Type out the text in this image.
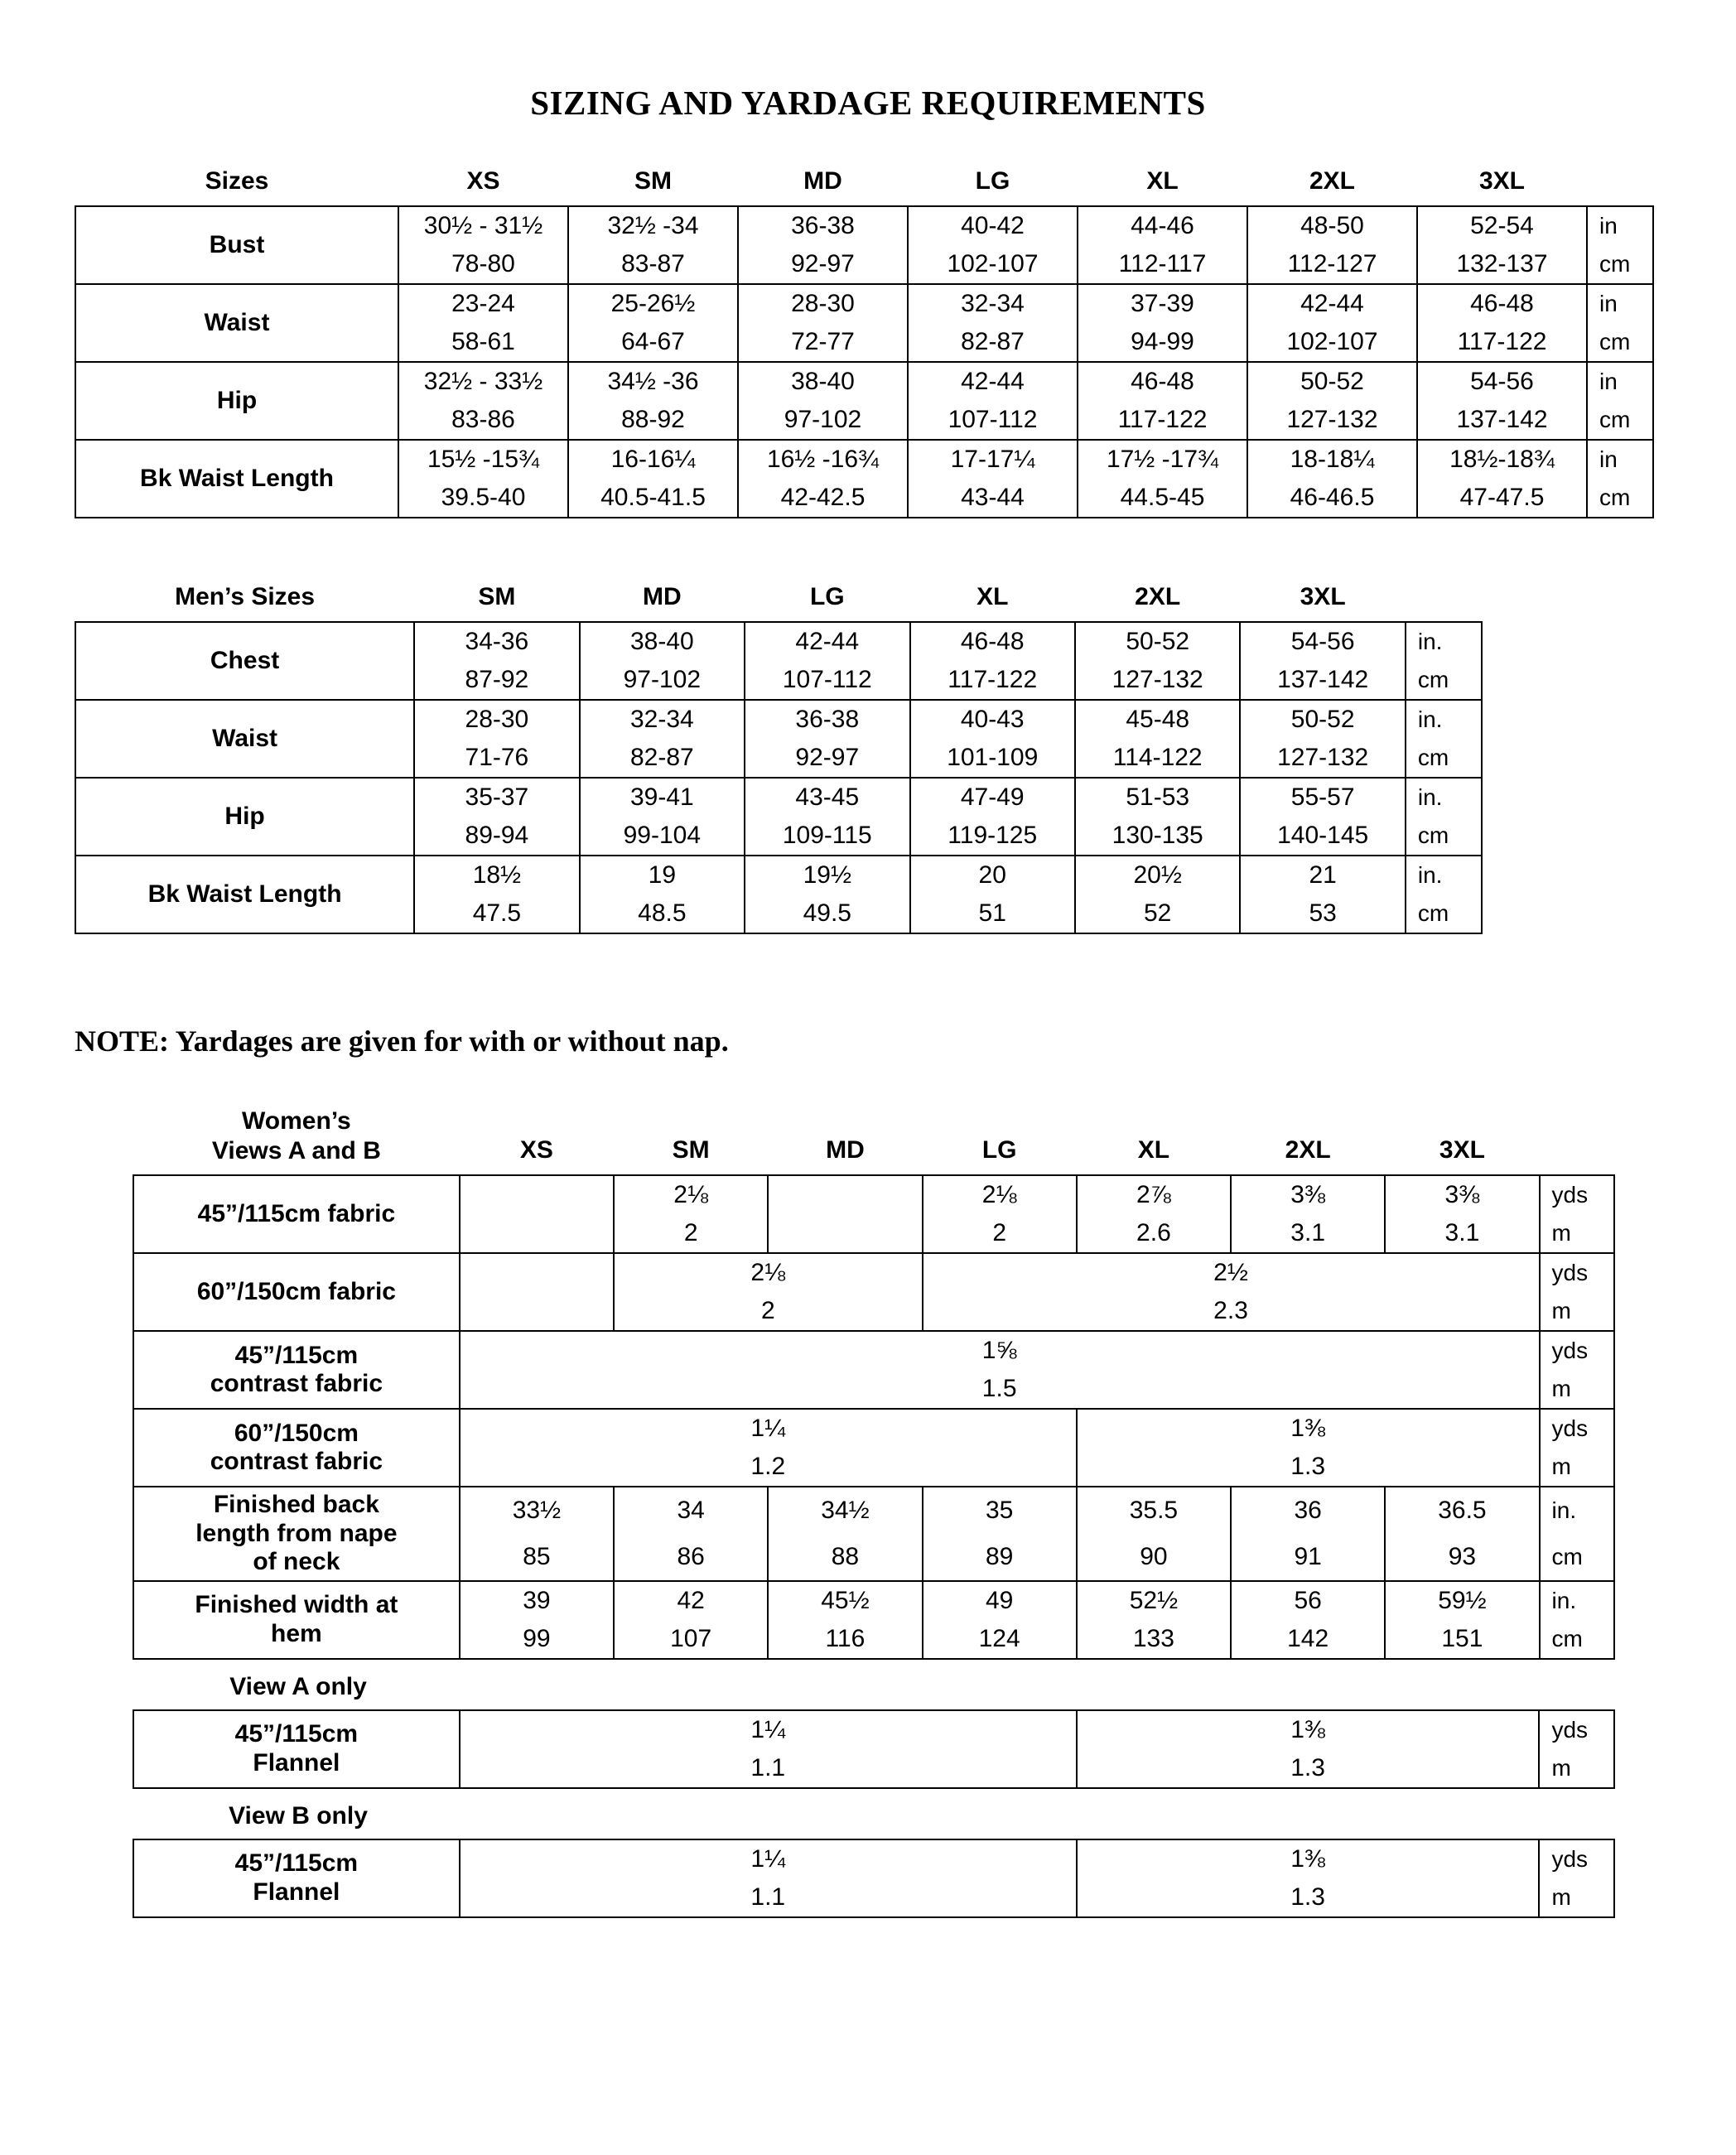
SIZING AND YARDAGE REQUIREMENTS
Sizes	XS	SM	MD	LG	XL	2XL	3XL	
Bust	30½ - 31½	32½ -34	36-38	40-42	44-46	48-50	52-54	in
	78-80	83-87	92-97	102-107	112-117	112-127	132-137	cm
Waist	23-24	25-26½	28-30	32-34	37-39	42-44	46-48	in
	58-61	64-67	72-77	82-87	94-99	102-107	117-122	cm
Hip	32½ - 33½	34½ -36	38-40	42-44	46-48	50-52	54-56	in
	83-86	88-92	97-102	107-112	117-122	127-132	137-142	cm
Bk Waist Length	15½ -15¾	16-16¼	16½ -16¾	17-17¼	17½ -17¾	18-18¼	18½-18¾	in
	39.5-40	40.5-41.5	42-42.5	43-44	44.5-45	46-46.5	47-47.5	cm
Men’s Sizes	SM	MD	LG	XL	2XL	3XL	
Chest	34-36	38-40	42-44	46-48	50-52	54-56	in.
	87-92	97-102	107-112	117-122	127-132	137-142	cm
Waist	28-30	32-34	36-38	40-43	45-48	50-52	in.
	71-76	82-87	92-97	101-109	114-122	127-132	cm
Hip	35-37	39-41	43-45	47-49	51-53	55-57	in.
	89-94	99-104	109-115	119-125	130-135	140-145	cm
Bk Waist Length	18½	19	19½	20	20½	21	in.
	47.5	48.5	49.5	51	52	53	cm
NOTE: Yardages are given for with or without nap.
Women’s
Views A and B	XS	SM	MD	LG	XL	2XL	3XL	
45”/115cm fabric		2⅛		2⅛	2⅞	3⅜	3⅜	yds
		2		2	2.6	3.1	3.1	m
60”/150cm fabric		2⅛		2½				yds
		2		2.3				m
45”/115cm
contrast fabric	1⅝							yds
	1.5							m
60”/150cm
contrast fabric	1¼				1⅜			yds
	1.2				1.3			m
Finished back
length from nape
of neck	33½	34	34½	35	35.5	36	36.5	in.
	85	86	88	89	90	91	93	cm
Finished width at
hem	39	42	45½	49	52½	56	59½	in.
	99	107	116	124	133	142	151	cm
View A only
45”/115cm
Flannel	1¼	1⅜	yds
	1.1	1.3	m
View B only
45”/115cm
Flannel	1¼	1⅜	yds
	1.1	1.3	m
